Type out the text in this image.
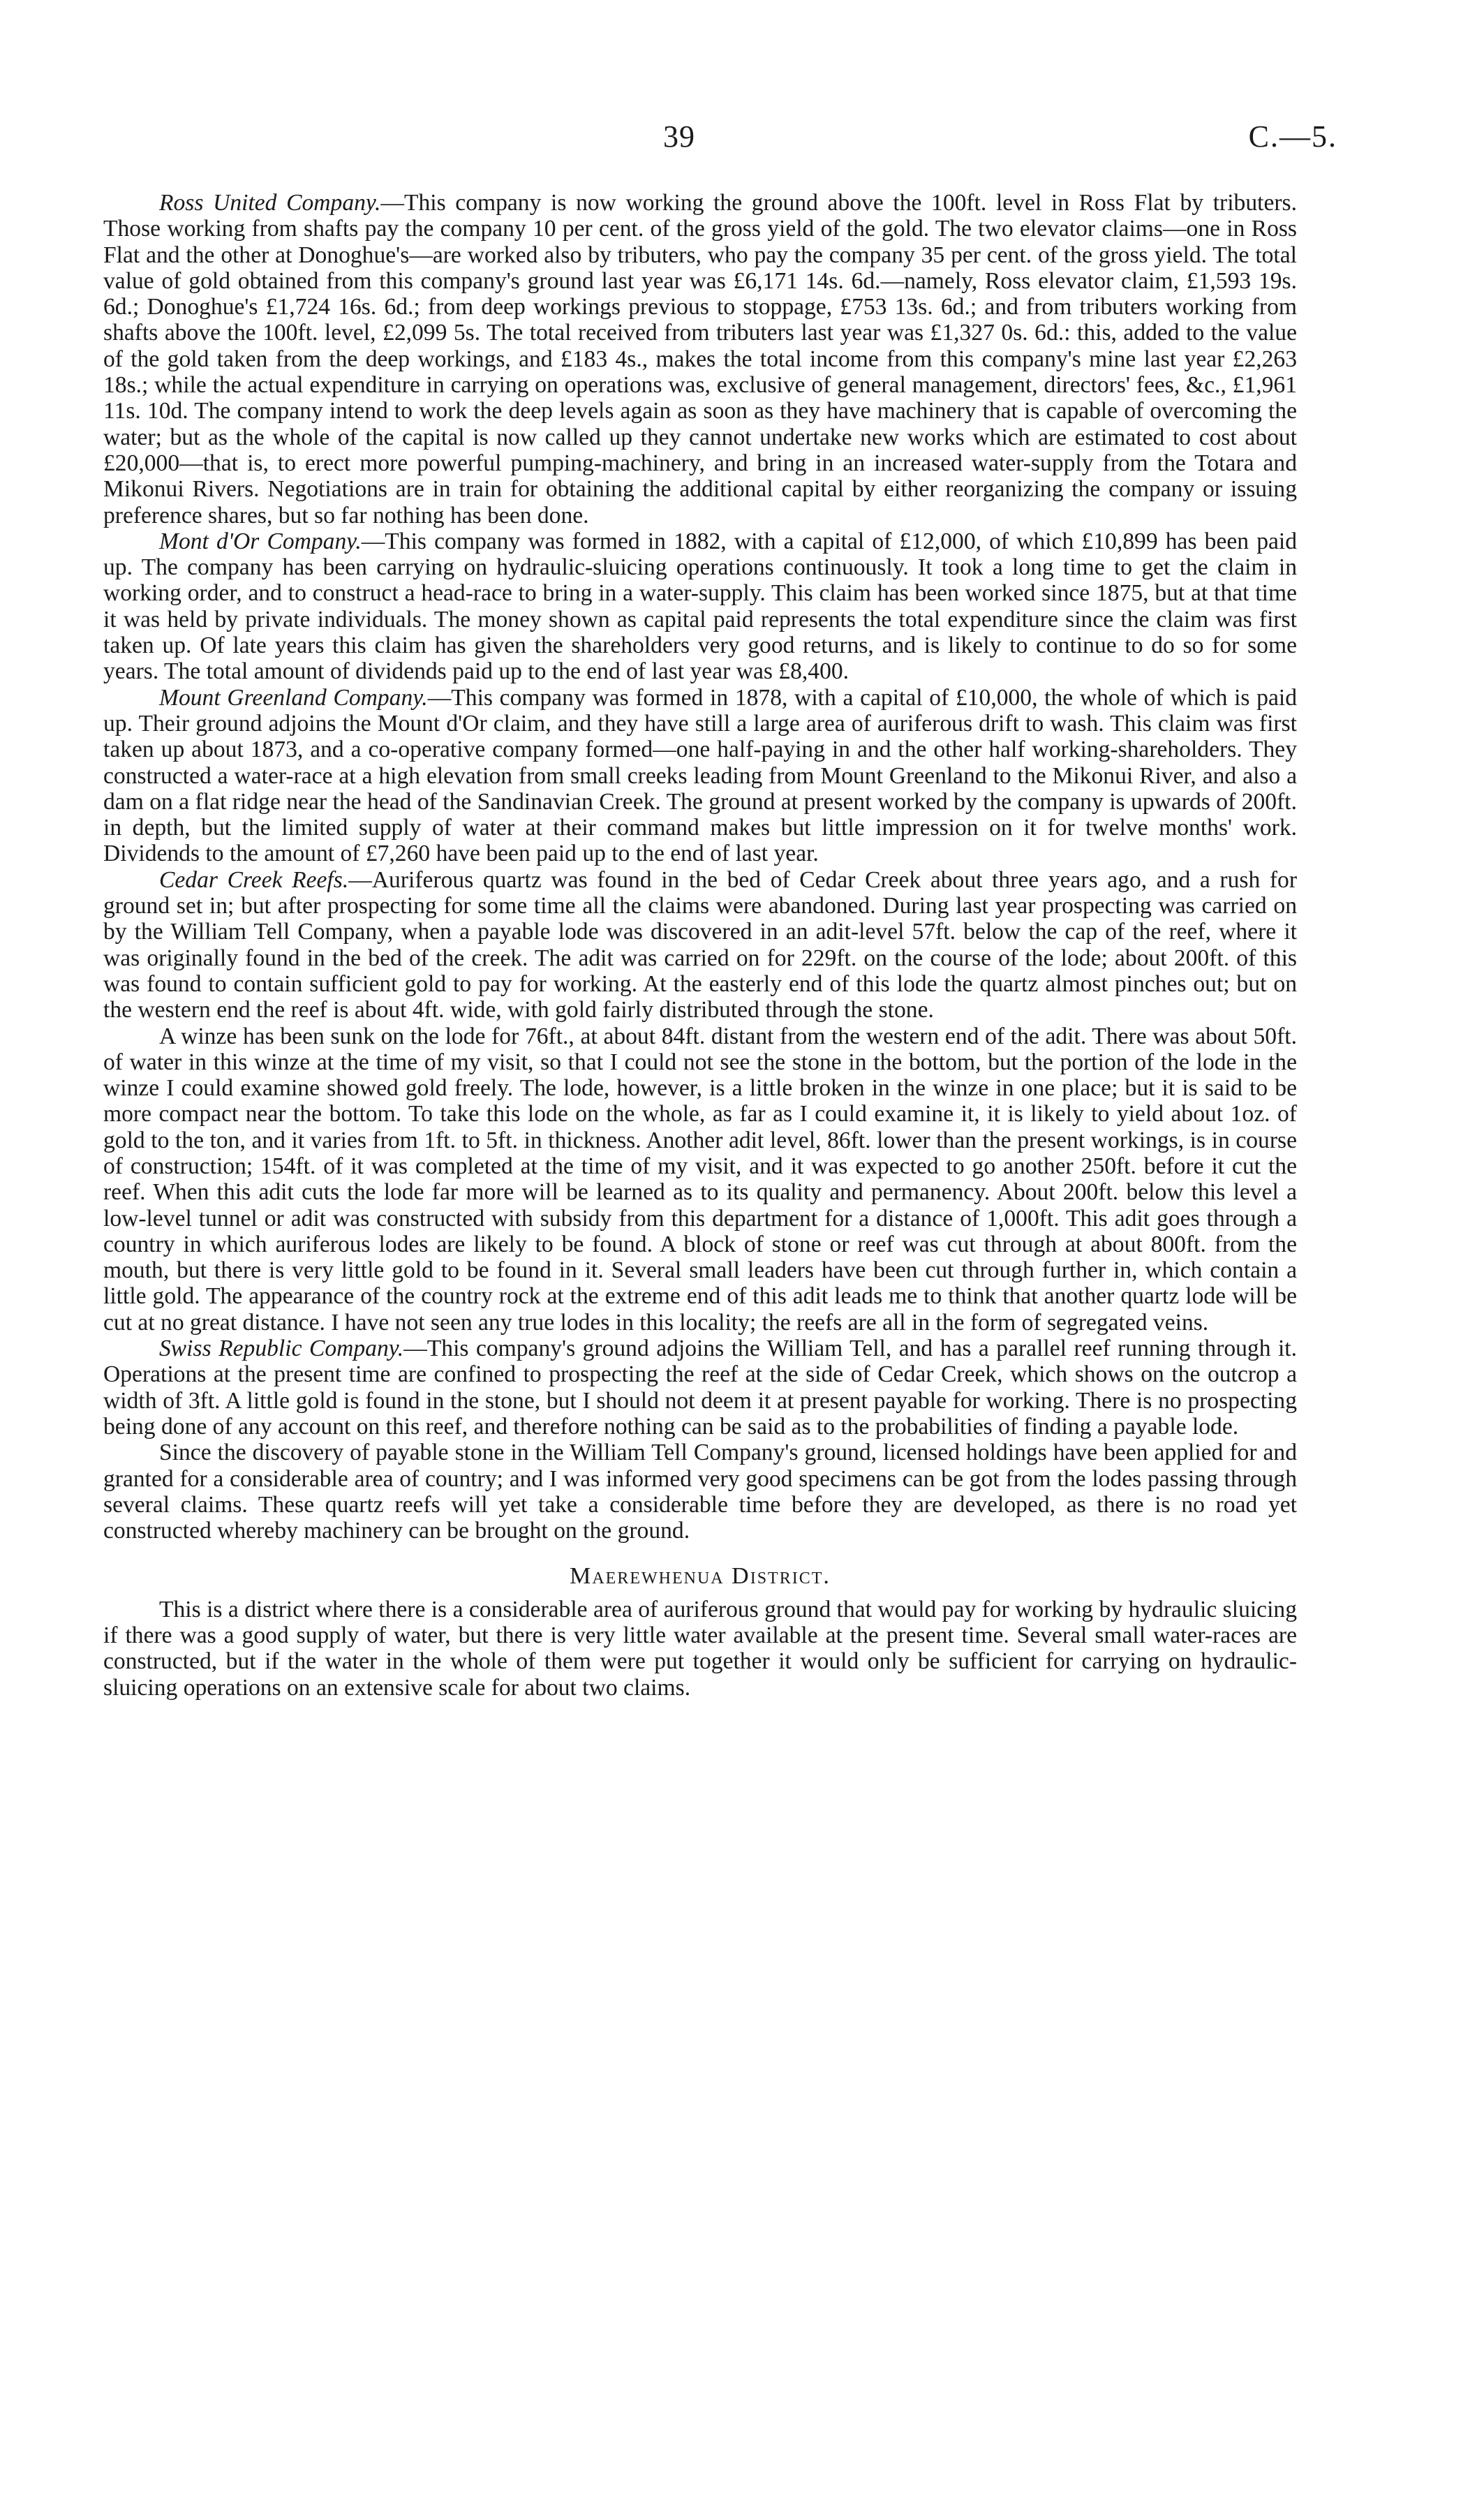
39	C.—5.

Ross United Company.—This company is now working the ground above the 100ft. level in Ross Flat by tributers. Those working from shafts pay the company 10 per cent. of the gross yield of the gold. The two elevator claims—one in Ross Flat and the other at Donoghue's—are worked also by tributers, who pay the company 35 per cent. of the gross yield. The total value of gold obtained from this company's ground last year was £6,171 14s. 6d.—namely, Ross elevator claim, £1,593 19s. 6d.; Donoghue's £1,724 16s. 6d.; from deep workings previous to stoppage, £753 13s. 6d.; and from tributers working from shafts above the 100ft. level, £2,099 5s. The total received from tributers last year was £1,327 0s. 6d.: this, added to the value of the gold taken from the deep workings, and £183 4s., makes the total income from this company's mine last year £2,263 18s.; while the actual expenditure in carrying on operations was, exclusive of general management, directors' fees, &c., £1,961 11s. 10d. The company intend to work the deep levels again as soon as they have machinery that is capable of overcoming the water; but as the whole of the capital is now called up they cannot undertake new works which are estimated to cost about £20,000—that is, to erect more powerful pumping-machinery, and bring in an increased water-supply from the Totara and Mikonui Rivers. Negotiations are in train for obtaining the additional capital by either reorganizing the company or issuing preference shares, but so far nothing has been done.

Mont d'Or Company.—This company was formed in 1882, with a capital of £12,000, of which £10,899 has been paid up. The company has been carrying on hydraulic-sluicing operations continuously. It took a long time to get the claim in working order, and to construct a head-race to bring in a water-supply. This claim has been worked since 1875, but at that time it was held by private individuals. The money shown as capital paid represents the total expenditure since the claim was first taken up. Of late years this claim has given the shareholders very good returns, and is likely to continue to do so for some years. The total amount of dividends paid up to the end of last year was £8,400.

Mount Greenland Company.—This company was formed in 1878, with a capital of £10,000, the whole of which is paid up. Their ground adjoins the Mount d'Or claim, and they have still a large area of auriferous drift to wash. This claim was first taken up about 1873, and a co-operative company formed—one half-paying in and the other half working-shareholders. They constructed a water-race at a high elevation from small creeks leading from Mount Greenland to the Mikonui River, and also a dam on a flat ridge near the head of the Sandinavian Creek. The ground at present worked by the company is upwards of 200ft. in depth, but the limited supply of water at their command makes but little impression on it for twelve months' work. Dividends to the amount of £7,260 have been paid up to the end of last year.

Cedar Creek Reefs.—Auriferous quartz was found in the bed of Cedar Creek about three years ago, and a rush for ground set in; but after prospecting for some time all the claims were abandoned. During last year prospecting was carried on by the William Tell Company, when a payable lode was discovered in an adit-level 57ft. below the cap of the reef, where it was originally found in the bed of the creek. The adit was carried on for 229ft. on the course of the lode; about 200ft. of this was found to contain sufficient gold to pay for working. At the easterly end of this lode the quartz almost pinches out; but on the western end the reef is about 4ft. wide, with gold fairly distributed through the stone.

A winze has been sunk on the lode for 76ft., at about 84ft. distant from the western end of the adit. There was about 50ft. of water in this winze at the time of my visit, so that I could not see the stone in the bottom, but the portion of the lode in the winze I could examine showed gold freely. The lode, however, is a little broken in the winze in one place; but it is said to be more compact near the bottom. To take this lode on the whole, as far as I could examine it, it is likely to yield about 1oz. of gold to the ton, and it varies from 1ft. to 5ft. in thickness. Another adit level, 86ft. lower than the present workings, is in course of construction; 154ft. of it was completed at the time of my visit, and it was expected to go another 250ft. before it cut the reef. When this adit cuts the lode far more will be learned as to its quality and permanency. About 200ft. below this level a low-level tunnel or adit was constructed with subsidy from this department for a distance of 1,000ft. This adit goes through a country in which auriferous lodes are likely to be found. A block of stone or reef was cut through at about 800ft. from the mouth, but there is very little gold to be found in it. Several small leaders have been cut through further in, which contain a little gold. The appearance of the country rock at the extreme end of this adit leads me to think that another quartz lode will be cut at no great distance. I have not seen any true lodes in this locality; the reefs are all in the form of segregated veins.

Swiss Republic Company.—This company's ground adjoins the William Tell, and has a parallel reef running through it. Operations at the present time are confined to prospecting the reef at the side of Cedar Creek, which shows on the outcrop a width of 3ft. A little gold is found in the stone, but I should not deem it at present payable for working. There is no prospecting being done of any account on this reef, and therefore nothing can be said as to the probabilities of finding a payable lode.

Since the discovery of payable stone in the William Tell Company's ground, licensed holdings have been applied for and granted for a considerable area of country; and I was informed very good specimens can be got from the lodes passing through several claims. These quartz reefs will yet take a considerable time before they are developed, as there is no road yet constructed whereby machinery can be brought on the ground.

Maerewhenua District.

This is a district where there is a considerable area of auriferous ground that would pay for working by hydraulic sluicing if there was a good supply of water, but there is very little water available at the present time. Several small water-races are constructed, but if the water in the whole of them were put together it would only be sufficient for carrying on hydraulic-sluicing operations on an extensive scale for about two claims.
